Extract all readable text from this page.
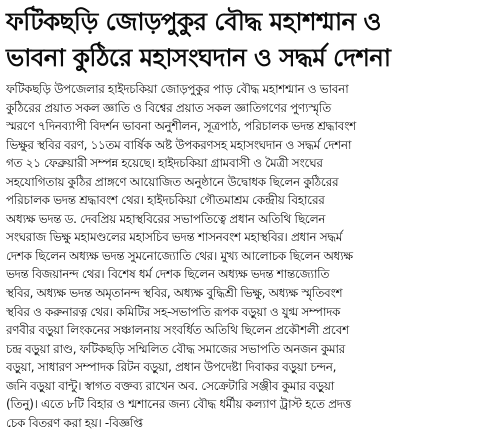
ফটিকছড়ি জোড়পুকুর বৌদ্ধ মহাশশ্মান ও
ভাবনা কুঠিরে মহাসংঘদান ও সদ্ধর্ম দেশনা
ফটিকছড়ি উপজেলার হাইদচকিয়া জোড়পুকুর পাড় বৌদ্ধ মহাশশ্মান ও ভাবনা
কুঠিরের প্রয়াত সকল জ্ঞাতি ও বিশ্বের প্রয়াত সকল জ্ঞাতিগণের পুণ্যস্মৃতি
স্মরণে ৭দিনব্যাপী বিদর্শন ভাবনা অনুশীলন, সূত্রপাঠ, পরিচালক ভদন্ত শ্রদ্ধাবংশ
ভিক্ষুর স্থবির বরণ, ১১তম বার্ষিক অষ্ট উপকরণসহ মহাসংঘদান ও সদ্ধর্ম দেশনা
গত ২১ ফেব্রুয়ারী সম্পন্ন হয়েছে। হাইদচকিয়া গ্রামবাসী ও মৈত্রী সংঘের
সহযোগিতায় কুঠির প্রাঙ্গণে আয়োজিত অনুষ্ঠানে উদ্বোধক ছিলেন কুঠিরের
পরিচালক ভদন্ত শ্রদ্ধাবংশ থের। হাইদচকিয়া গৌতমাশ্রম কেন্দ্রীয় বিহারের
অধ্যক্ষ ভদন্ত ড. দেবপ্রিয় মহাস্থবিরের সভাপতিত্বে প্রধান অতিথি ছিলেন
সংঘরাজ ভিক্ষু মহামণ্ডলের মহাসচিব ভদন্ত শাসনবংশ মহাস্থবির। প্রধান সদ্ধর্ম
দেশক ছিলেন অধ্যক্ষ ভদন্ত সুমনোজ্যোতি থের। মুখ্য আলোচক ছিলেন অধ্যক্ষ
ভদন্ত বিজয়ানন্দ থের। বিশেষ ধর্ম দেশক ছিলেন অধ্যক্ষ ভদন্ত শান্তজ্যোতি
স্থবির, অধ্যক্ষ ভদন্ত অমৃতানন্দ স্থবির, অধ্যক্ষ বুদ্ধিশ্রী ভিক্ষু, অধ্যক্ষ স্মৃতিবংশ
স্থবির ও করুনারত্ন থের। কমিটির সহ-সভাপতি রূপক বড়ুয়া ও যুগ্ম সম্পাদক
রণবীর বড়ুয়া লিংকনের সঞ্চালনায় সংবর্ধিত অতিথি ছিলেন প্রকৌশলী প্রবেশ
চন্দ্র বড়ুয়া রাণ্ড, ফটিকছড়ি সম্মিলিত বৌদ্ধ সমাজের সভাপতি অনজন কুমার
বড়ুয়া, সাধারণ সম্পাদক রিটন বড়ুয়া, প্রধান উপদেষ্টা দিবাকর বড়ুয়া চন্দন,
জনি বড়ুয়া বান্টু। স্বাগত বক্তব্য রাখেন অব. সেক্রেটারি সঞ্জীব কুমার বড়ুয়া
(তিনু)। এতে ৮টি বিহার ও শ্মশানের জন্য বৌদ্ধ ধর্মীয় কল্যাণ ট্রাস্ট হতে প্রদত্ত
চেক বিতরণ করা হয়। -বিজ্ঞপ্তি
